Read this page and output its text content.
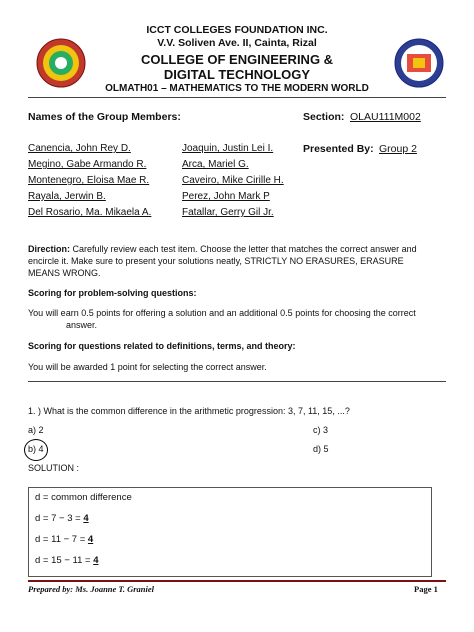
ICCT COLLEGES FOUNDATION INC.
V.V. Soliven Ave. II, Cainta, Rizal
COLLEGE OF ENGINEERING &
DIGITAL TECHNOLOGY
OLMATH01 – MATHEMATICS TO THE MODERN WORLD
Names of the Group Members:	Section: OLAU111M002
Canencia, John Rey D.
Megino, Gabe Armando R.
Montenegro, Eloisa Mae R.
Rayala, Jerwin B.
Del Rosario, Ma. Mikaela A.
Joaquin, Justin Lei I.
Arca, Mariel G.
Caveiro, Mike Cirille H.
Perez, John Mark P
Fatallar, Gerry Gil Jr.
Presented By: Group 2
Direction: Carefully review each test item. Choose the letter that matches the correct answer and
encircle it. Make sure to present your solutions neatly, STRICTLY NO ERASURES, ERASURE
MEANS WRONG.
Scoring for problem-solving questions:
You will earn 0.5 points for offering a solution and an additional 0.5 points for choosing the correct
answer.
Scoring for questions related to definitions, terms, and theory:
You will be awarded 1 point for selecting the correct answer.
1. ) What is the common difference in the arithmetic progression: 3, 7, 11, 15, ...?
a) 2	c) 3
b) 4	d) 5
SOLUTION :
d = common difference
d = 7 − 3 = 4
d = 11 − 7 = 4
d = 15 − 11 = 4
Prepared by: Ms. Joanne T. Graniel	Page 1
